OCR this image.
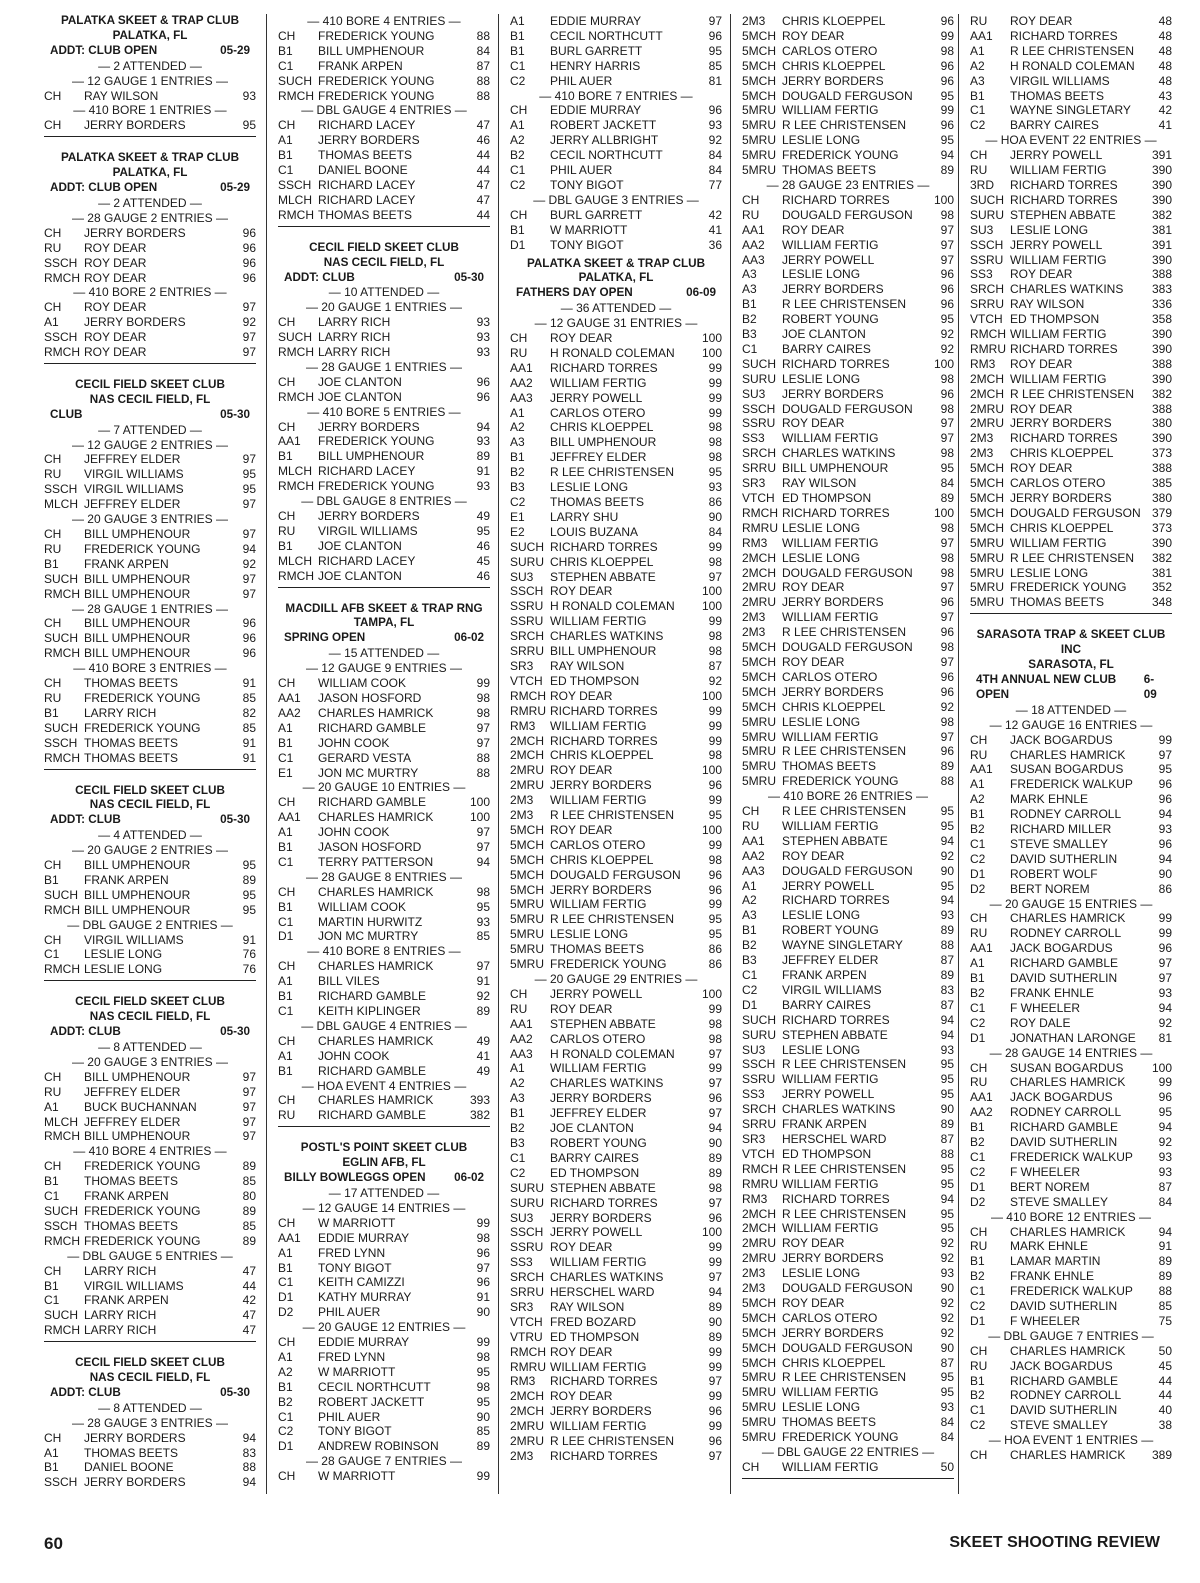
PALATKA SKEET & TRAP CLUB
PALATKA, FL
ADDT: CLUB OPEN	05-29
— 2 ATTENDED —
— 12 GAUGE 1 ENTRIES —
CH	RAY WILSON	93
— 410 BORE 1 ENTRIES —
CH	JERRY BORDERS	95
PALATKA SKEET & TRAP CLUB
PALATKA, FL
ADDT: CLUB OPEN	05-29
— 2 ATTENDED —
— 28 GAUGE 2 ENTRIES —
CH	JERRY BORDERS	96
RU	ROY DEAR	96
SSCH ROY DEAR	96
RMCH ROY DEAR	96
— 410 BORE 2 ENTRIES —
CH	ROY DEAR	97
A1	JERRY BORDERS	92
SSCH ROY DEAR	97
RMCH ROY DEAR	97
CECIL FIELD SKEET CLUB
NAS CECIL FIELD, FL
CLUB	05-30
— 7 ATTENDED —
— 12 GAUGE 2 ENTRIES —
CH	JEFFREY ELDER	97
RU	VIRGIL WILLIAMS	95
SSCH VIRGIL WILLIAMS	95
MLCH JEFFREY ELDER	97
— 20 GAUGE 3 ENTRIES —
CH	BILL UMPHENOUR	97
RU	FREDERICK YOUNG	94
B1	FRANK ARPEN	92
SUCH BILL UMPHENOUR	97
RMCH BILL UMPHENOUR	97
— 28 GAUGE 1 ENTRIES —
CH	BILL UMPHENOUR	96
SUCH BILL UMPHENOUR	96
RMCH BILL UMPHENOUR	96
— 410 BORE 3 ENTRIES —
CH	THOMAS BEETS	91
RU	FREDERICK YOUNG	85
B1	LARRY RICH	82
SUCH FREDERICK YOUNG	85
SSCH THOMAS BEETS	91
RMCH THOMAS BEETS	91
CECIL FIELD SKEET CLUB
NAS CECIL FIELD, FL
ADDT: CLUB	05-30
— 4 ATTENDED —
— 20 GAUGE 2 ENTRIES —
CH	BILL UMPHENOUR	95
B1	FRANK ARPEN	89
SUCH BILL UMPHENOUR	95
RMCH BILL UMPHENOUR	95
— DBL GAUGE 2 ENTRIES —
CH	VIRGIL WILLIAMS	91
C1	LESLIE LONG	76
RMCH LESLIE LONG	76
CECIL FIELD SKEET CLUB
NAS CECIL FIELD, FL
ADDT: CLUB	05-30
— 8 ATTENDED —
— 20 GAUGE 3 ENTRIES —
CH	BILL UMPHENOUR	97
RU	JEFFREY ELDER	97
A1	BUCK BUCHANNAN	97
MLCH JEFFREY ELDER	97
RMCH BILL UMPHENOUR	97
— 410 BORE 4 ENTRIES —
CH	FREDERICK YOUNG	89
B1	THOMAS BEETS	85
C1	FRANK ARPEN	80
SUCH FREDERICK YOUNG	89
SSCH THOMAS BEETS	85
RMCH FREDERICK YOUNG	89
— DBL GAUGE 5 ENTRIES —
CH	LARRY RICH	47
B1	VIRGIL WILLIAMS	44
C1	FRANK ARPEN	42
SUCH LARRY RICH	47
RMCH LARRY RICH	47
CECIL FIELD SKEET CLUB
NAS CECIL FIELD, FL
ADDT: CLUB	05-30
— 8 ATTENDED —
— 28 GAUGE 3 ENTRIES —
CH	JERRY BORDERS	94
A1	THOMAS BEETS	83
B1	DANIEL BOONE	88
SSCH JERRY BORDERS	94
— 410 BORE 4 ENTRIES —
CH	FREDERICK YOUNG	88
B1	BILL UMPHENOUR	84
C1	FRANK ARPEN	87
SUCH FREDERICK YOUNG	88
RMCH FREDERICK YOUNG	88
— DBL GAUGE 4 ENTRIES —
CH	RICHARD LACEY	47
A1	JERRY BORDERS	46
B1	THOMAS BEETS	44
C1	DANIEL BOONE	44
SSCH RICHARD LACEY	47
MLCH RICHARD LACEY	47
RMCH THOMAS BEETS	44
CECIL FIELD SKEET CLUB
NAS CECIL FIELD, FL
ADDT: CLUB	05-30
— 10 ATTENDED —
— 20 GAUGE 1 ENTRIES —
CH	LARRY RICH	93
SUCH LARRY RICH	93
RMCH LARRY RICH	93
— 28 GAUGE 1 ENTRIES —
CH	JOE CLANTON	96
RMCH JOE CLANTON	96
— 410 BORE 5 ENTRIES —
CH	JERRY BORDERS	94
AA1	FREDERICK YOUNG	93
B1	BILL UMPHENOUR	89
MLCH RICHARD LACEY	91
RMCH FREDERICK YOUNG	93
— DBL GAUGE 8 ENTRIES —
CH	JERRY BORDERS	49
RU	VIRGIL WILLIAMS	95
B1	JOE CLANTON	46
MLCH RICHARD LACEY	45
RMCH JOE CLANTON	46
MACDILL AFB SKEET & TRAP RNG
TAMPA, FL
SPRING OPEN	06-02
— 15 ATTENDED —
— 12 GAUGE 9 ENTRIES —
CH	WILLIAM COOK	99
AA1	JASON HOSFORD	98
AA2	CHARLES HAMRICK	98
A1	RICHARD GAMBLE	97
B1	JOHN COOK	97
C1	GERARD VESTA	88
E1	JON MC MURTRY	88
— 20 GAUGE 10 ENTRIES —
CH	RICHARD GAMBLE	100
AA1	CHARLES HAMRICK	100
A1	JOHN COOK	97
B1	JASON HOSFORD	97
C1	TERRY PATTERSON	94
— 28 GAUGE 8 ENTRIES —
CH	CHARLES HAMRICK	98
B1	WILLIAM COOK	95
C1	MARTIN HURWITZ	93
D1	JON MC MURTRY	85
— 410 BORE 8 ENTRIES —
CH	CHARLES HAMRICK	97
A1	BILL VILES	91
B1	RICHARD GAMBLE	92
C1	KEITH KIPLINGER	89
— DBL GAUGE 4 ENTRIES —
CH	CHARLES HAMRICK	49
A1	JOHN COOK	41
B1	RICHARD GAMBLE	49
— HOA EVENT 4 ENTRIES —
CH	CHARLES HAMRICK	393
RU	RICHARD GAMBLE	382
POSTL'S POINT SKEET CLUB
EGLIN AFB, FL
BILLY BOWLEGGS OPEN 06-02
— 17 ATTENDED —
— 12 GAUGE 14 ENTRIES —
CH	W MARRIOTT	99
AA1	EDDIE MURRAY	98
A1	FRED LYNN	96
B1	TONY BIGOT	97
C1	KEITH CAMIZZI	96
D1	KATHY MURRAY	91
D2	PHIL AUER	90
— 20 GAUGE 12 ENTRIES —
CH	EDDIE MURRAY	99
A1	FRED LYNN	98
A2	W MARRIOTT	95
B1	CECIL NORTHCUTT	98
B2	ROBERT JACKETT	95
C1	PHIL AUER	90
C2	TONY BIGOT	85
D1	ANDREW ROBINSON	89
— 28 GAUGE 7 ENTRIES —
CH	W MARRIOTT	99
A1	EDDIE MURRAY	97
B1	CECIL NORTHCUTT	96
B1	BURL GARRETT	95
C1	HENRY HARRIS	85
C2	PHIL AUER	81
— 410 BORE 7 ENTRIES —
CH	EDDIE MURRAY	96
A1	ROBERT JACKETT	93
A2	JERRY ALLBRIGHT	92
B2	CECIL NORTHCUTT	84
C1	PHIL AUER	84
C2	TONY BIGOT	77
— DBL GAUGE 3 ENTRIES —
CH	BURL GARRETT	42
B1	W MARRIOTT	41
D1	TONY BIGOT	36
PALATKA SKEET & TRAP CLUB
PALATKA, FL
FATHERS DAY OPEN	06-09
— 36 ATTENDED —
— 12 GAUGE 31 ENTRIES —
CH	ROY DEAR	100
RU	H RONALD COLEMAN	100
AA1	RICHARD TORRES	99
AA2	WILLIAM FERTIG	99
AA3	JERRY POWELL	99
A1	CARLOS OTERO	99
A2	CHRIS KLOEPPEL	98
A3	BILL UMPHENOUR	98
B1	JEFFREY ELDER	98
B2	R LEE CHRISTENSEN	95
B3	LESLIE LONG	93
C2	THOMAS BEETS	86
E1	LARRY SHU	90
E2	LOUIS BUZANA	84
SUCH RICHARD TORRES	99
SURU CHRIS KLOEPPEL	98
SU3	STEPHEN ABBATE	97
SSCH ROY DEAR	100
SSRU H RONALD COLEMAN	100
SSRU WILLIAM FERTIG	99
SRCH CHARLES WATKINS	98
SRRU BILL UMPHENOUR	98
SR3	RAY WILSON	87
VTCH ED THOMPSON	92
RMCH ROY DEAR	100
RMRU RICHARD TORRES	99
RM3	WILLIAM FERTIG	99
2MCH RICHARD TORRES	99
2MCH CHRIS KLOEPPEL	98
2MRU ROY DEAR	100
2MRU JERRY BORDERS	96
2M3	WILLIAM FERTIG	99
2M3	R LEE CHRISTENSEN	95
5MCH ROY DEAR	100
5MCH CARLOS OTERO	99
5MCH CHRIS KLOEPPEL	98
5MCH DOUGALD FERGUSON	96
5MCH JERRY BORDERS	96
5MRU WILLIAM FERTIG	99
5MRU R LEE CHRISTENSEN	95
5MRU LESLIE LONG	95
5MRU THOMAS BEETS	86
5MRU FREDERICK YOUNG	86
— 20 GAUGE 29 ENTRIES —
CH	JERRY POWELL	100
RU	ROY DEAR	99
AA1	STEPHEN ABBATE	98
AA2	CARLOS OTERO	98
AA3	H RONALD COLEMAN	97
A1	WILLIAM FERTIG	99
A2	CHARLES WATKINS	97
A3	JERRY BORDERS	96
B1	JEFFREY ELDER	97
B2	JOE CLANTON	94
B3	ROBERT YOUNG	90
C1	BARRY CAIRES	89
C2	ED THOMPSON	89
SURU STEPHEN ABBATE	98
SURU RICHARD TORRES	97
SU3	JERRY BORDERS	96
SSCH JERRY POWELL	100
SSRU ROY DEAR	99
SS3	WILLIAM FERTIG	99
SRCH CHARLES WATKINS	97
SRRU HERSCHEL WARD	94
SR3	RAY WILSON	89
VTCH FRED BOZARD	90
VTRU ED THOMPSON	89
RMCH ROY DEAR	99
RMRU WILLIAM FERTIG	99
RM3	RICHARD TORRES	97
2MCH ROY DEAR	99
2MCH JERRY BORDERS	96
2MRU WILLIAM FERTIG	99
2MRU R LEE CHRISTENSEN	96
2M3	RICHARD TORRES	97
2M3	CHRIS KLOEPPEL	96
5MCH ROY DEAR	99
5MCH CARLOS OTERO	98
5MCH CHRIS KLOEPPEL	96
5MCH JERRY BORDERS	96
5MCH DOUGALD FERGUSON	95
5MRU WILLIAM FERTIG	99
5MRU R LEE CHRISTENSEN	96
5MRU LESLIE LONG	95
5MRU FREDERICK YOUNG	94
5MRU THOMAS BEETS	89
— 28 GAUGE 23 ENTRIES —
CH	RICHARD TORRES	100
RU	DOUGALD FERGUSON	98
AA1	ROY DEAR	97
AA2	WILLIAM FERTIG	97
AA3	JERRY POWELL	97
A3	LESLIE LONG	96
A3	JERRY BORDERS	96
B1	R LEE CHRISTENSEN	96
B2	ROBERT YOUNG	95
B3	JOE CLANTON	92
C1	BARRY CAIRES	92
SUCH RICHARD TORRES	100
SURU LESLIE LONG	98
SU3	JERRY BORDERS	96
SSCH DOUGALD FERGUSON	98
SSRU ROY DEAR	97
SS3	WILLIAM FERTIG	97
SRCH CHARLES WATKINS	98
SRRU BILL UMPHENOUR	95
SR3	RAY WILSON	84
VTCH ED THOMPSON	89
RMCH RICHARD TORRES	100
RMRU LESLIE LONG	98
RM3	WILLIAM FERTIG	97
2MCH LESLIE LONG	98
2MCH DOUGALD FERGUSON	98
2MRU ROY DEAR	97
2MRU JERRY BORDERS	96
2M3	WILLIAM FERTIG	97
2M3	R LEE CHRISTENSEN	96
5MCH DOUGALD FERGUSON	98
5MCH ROY DEAR	97
5MCH CARLOS OTERO	96
5MCH JERRY BORDERS	96
5MCH CHRIS KLOEPPEL	92
5MRU LESLIE LONG	98
5MRU WILLIAM FERTIG	97
5MRU R LEE CHRISTENSEN	96
5MRU THOMAS BEETS	89
5MRU FREDERICK YOUNG	88
— 410 BORE 26 ENTRIES —
CH	R LEE CHRISTENSEN	95
RU	WILLIAM FERTIG	95
AA1	STEPHEN ABBATE	94
AA2	ROY DEAR	92
AA3	DOUGALD FERGUSON	90
A1	JERRY POWELL	95
A2	RICHARD TORRES	94
A3	LESLIE LONG	93
B1	ROBERT YOUNG	89
B2	WAYNE SINGLETARY	88
B3	JEFFREY ELDER	87
C1	FRANK ARPEN	89
C2	VIRGIL WILLIAMS	83
D1	BARRY CAIRES	87
SUCH RICHARD TORRES	94
SURU STEPHEN ABBATE	94
SU3	LESLIE LONG	93
SSCH R LEE CHRISTENSEN	95
SSRU WILLIAM FERTIG	95
SS3	JERRY POWELL	95
SRCH CHARLES WATKINS	90
SRRU FRANK ARPEN	89
SR3	HERSCHEL WARD	87
VTCH ED THOMPSON	88
RMCH R LEE CHRISTENSEN	95
RMRU WILLIAM FERTIG	95
RM3	RICHARD TORRES	94
2MCH R LEE CHRISTENSEN	95
2MCH WILLIAM FERTIG	95
2MRU ROY DEAR	92
2MRU JERRY BORDERS	92
2M3	LESLIE LONG	93
2M3	DOUGALD FERGUSON	90
5MCH ROY DEAR	92
5MCH CARLOS OTERO	92
5MCH JERRY BORDERS	92
5MCH DOUGALD FERGUSON	90
5MCH CHRIS KLOEPPEL	87
5MRU R LEE CHRISTENSEN	95
5MRU WILLIAM FERTIG	95
5MRU LESLIE LONG	93
5MRU THOMAS BEETS	84
5MRU FREDERICK YOUNG	84
— DBL GAUGE 22 ENTRIES —
CH	WILLIAM FERTIG	50
RU	ROY DEAR	48
AA1	RICHARD TORRES	48
A1	R LEE CHRISTENSEN	48
A2	H RONALD COLEMAN	48
A3	VIRGIL WILLIAMS	48
B1	THOMAS BEETS	43
C1	WAYNE SINGLETARY	42
C2	BARRY CAIRES	41
— HOA EVENT 22 ENTRIES —
CH	JERRY POWELL	391
RU	WILLIAM FERTIG	390
3RD	RICHARD TORRES	390
SUCH RICHARD TORRES	390
SURU STEPHEN ABBATE	382
SU3	LESLIE LONG	381
SSCH JERRY POWELL	391
SSRU WILLIAM FERTIG	390
SS3	ROY DEAR	388
SRCH CHARLES WATKINS	383
SRRU RAY WILSON	336
VTCH ED THOMPSON	358
RMCH WILLIAM FERTIG	390
RMRU RICHARD TORRES	390
RM3	ROY DEAR	388
2MCH WILLIAM FERTIG	390
2MCH R LEE CHRISTENSEN	382
2MRU ROY DEAR	388
2MRU JERRY BORDERS	380
2M3	RICHARD TORRES	390
2M3	CHRIS KLOEPPEL	373
5MCH ROY DEAR	388
5MCH CARLOS OTERO	385
5MCH JERRY BORDERS	380
5MCH DOUGALD FERGUSON 379
5MCH CHRIS KLOEPPEL	373
5MRU WILLIAM FERTIG	390
5MRU R LEE CHRISTENSEN	382
5MRU LESLIE LONG	381
5MRU FREDERICK YOUNG	352
5MRU THOMAS BEETS	348
SARASOTA TRAP & SKEET CLUB INC
SARASOTA, FL
4TH ANNUAL NEW CLUB OPEN
6-09
— 18 ATTENDED —
— 12 GAUGE 16 ENTRIES —
CH	JACK BOGARDUS	99
RU	CHARLES HAMRICK	97
AA1	SUSAN BOGARDUS	95
A1	FREDERICK WALKUP	96
A2	MARK EHNLE	96
B1	RODNEY CARROLL	94
B2	RICHARD MILLER	93
C1	STEVE SMALLEY	96
C2	DAVID SUTHERLIN	94
D1	ROBERT WOLF	90
D2	BERT NOREM	86
— 20 GAUGE 15 ENTRIES —
CH	CHARLES HAMRICK	99
RU	RODNEY CARROLL	99
AA1	JACK BOGARDUS	96
A1	RICHARD GAMBLE	97
B1	DAVID SUTHERLIN	97
B2	FRANK EHNLE	93
C1	F WHEELER	94
C2	ROY DALE	92
D1	JONATHAN LARONGE	81
— 28 GAUGE 14 ENTRIES —
CH	SUSAN BOGARDUS	100
RU	CHARLES HAMRICK	99
AA1	JACK BOGARDUS	96
AA2	RODNEY CARROLL	95
B1	RICHARD GAMBLE	94
B2	DAVID SUTHERLIN	92
C1	FREDERICK WALKUP	93
C2	F WHEELER	93
D1	BERT NOREM	87
D2	STEVE SMALLEY	84
— 410 BORE 12 ENTRIES —
CH	CHARLES HAMRICK	94
RU	MARK EHNLE	91
B1	LAMAR MARTIN	89
B2	FRANK EHNLE	89
C1	FREDERICK WALKUP	88
C2	DAVID SUTHERLIN	85
D1	F WHEELER	75
— DBL GAUGE 7 ENTRIES —
CH	CHARLES HAMRICK	50
RU	JACK BOGARDUS	45
B1	RICHARD GAMBLE	44
B2	RODNEY CARROLL	44
C1	DAVID SUTHERLIN	40
C2	STEVE SMALLEY	38
— HOA EVENT 1 ENTRIES —
CH	CHARLES HAMRICK	389
60	SKEET SHOOTING REVIEW
